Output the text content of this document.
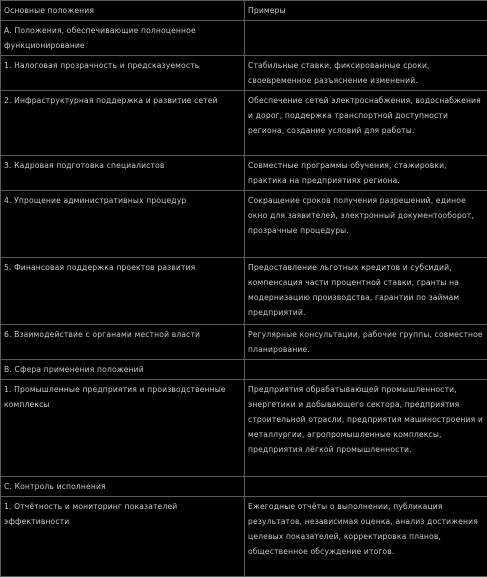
Основные положения	Примеры
А. Положения, обеспечивающие полноценное функционирование	
1. Налоговая прозрачность и предсказуемость	Стабильные ставки, фиксированные сроки, своевременное разъяснение изменений.
2. Инфраструктурная поддержка и развитие сетей	Обеспечение сетей электроснабжения, водоснабжения и дорог, поддержка транспортной доступности региона, создание условий для работы.
3. Кадровая подготовка специалистов	Совместные программы обучения, стажировки, практика на предприятиях региона.
4. Упрощение административных процедур	Сокращение сроков получения разрешений, единое окно для заявителей, электронный документооборот, прозрачные процедуры.
5. Финансовая поддержка проектов развития	Предоставление льготных кредитов и субсидий, компенсация части процентной ставки, гранты на модернизацию производства, гарантии по займам предприятий.
6. Взаимодействие с органами местной власти	Регулярные консультации, рабочие группы, совместное планирование.
В. Сфера применения положений	
1. Промышленные предприятия и производственные комплексы	Предприятия обрабатывающей промышленности, энергетики и добывающего сектора, предприятия строительной отрасли, предприятия машиностроения и металлургии, агропромышленные комплексы, предприятия лёгкой промышленности.
С. Контроль исполнения	
1. Отчётность и мониторинг показателей эффективности	Ежегодные отчёты о выполнении, публикация результатов, независимая оценка, анализ достижения целевых показателей, корректировка планов, общественное обсуждение итогов.
